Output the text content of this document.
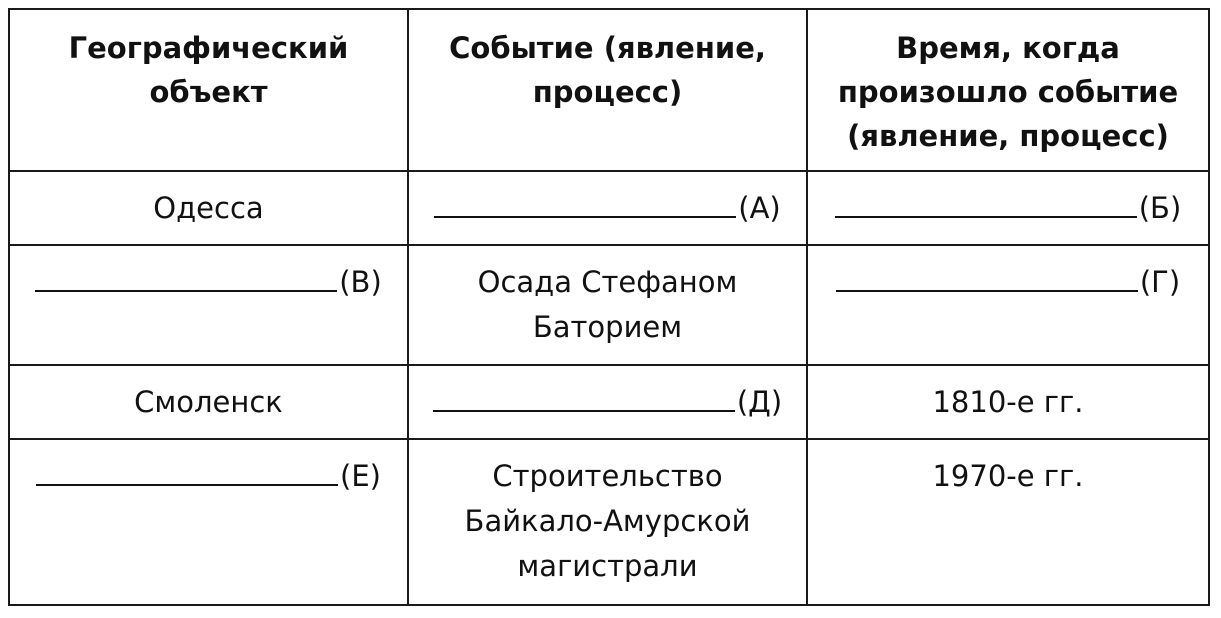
Географический объект	Событие (явление, процесс)	Время, когда произошло событие (явление, процесс)

Одесса	(А)	(Б)
(В)	Осада Стефаном Баторием	(Г)

Смоленск	(Д)	1810-е гг.

(Е)	Строительство Байкало-Амурской магистрали	1970-е гг.
